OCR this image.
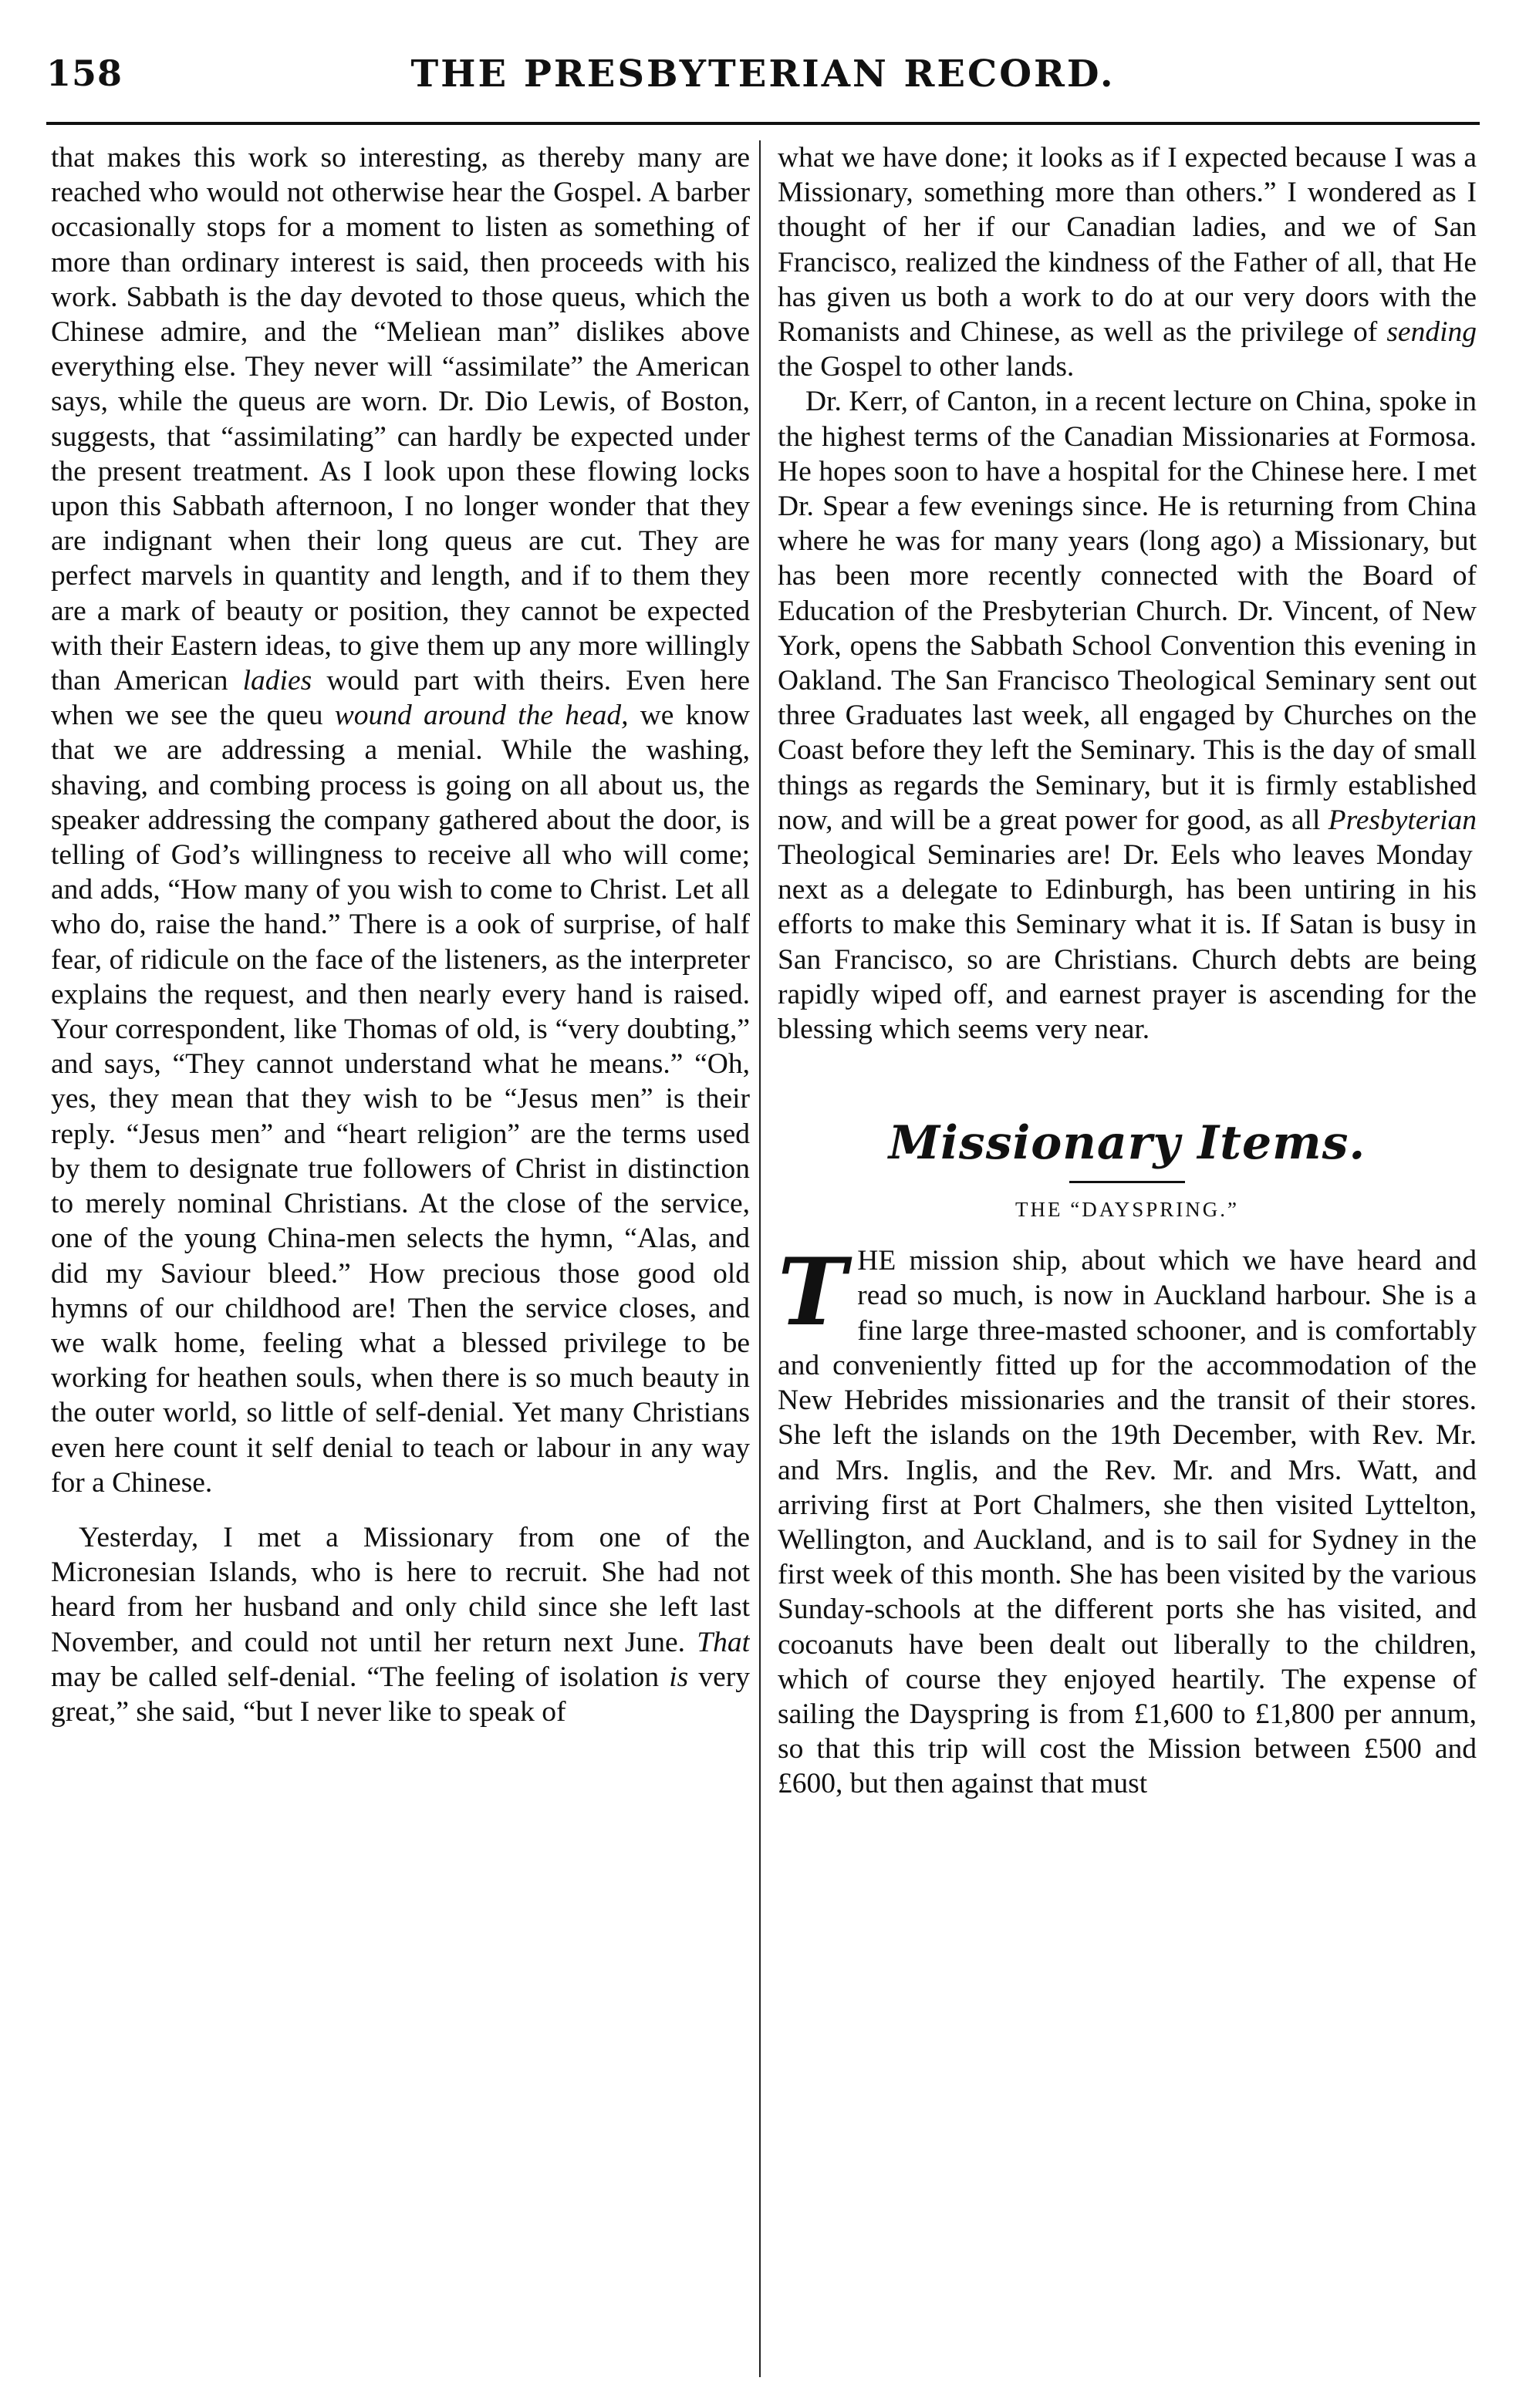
158	THE PRESBYTERIAN RECORD.

that makes this work so interesting, as thereby many are reached who would not otherwise hear the Gospel. A barber occasionally stops for a moment to listen as something of more than ordinary interest is said, then proceeds with his work. Sabbath is the day devoted to those queus, which the Chinese admire, and the “Meliean man” dislikes above everything else. They never will “assimilate” the American says, while the queus are worn. Dr. Dio Lewis, of Boston, suggests, that “assimilating” can hardly be expected under the present treatment. As I look upon these flowing locks upon this Sabbath afternoon, I no longer wonder that they are indignant when their long queus are cut. They are perfect marvels in quantity and length, and if to them they are a mark of beauty or position, they cannot be expected with their Eastern ideas, to give them up any more willingly than American ladies would part with theirs. Even here when we see the queu wound around the head, we know that we are addressing a menial. While the washing, shaving, and combing process is going on all about us, the speaker addressing the company gathered about the door, is telling of God’s willingness to receive all who will come; and adds, “How many of you wish to come to Christ. Let all who do, raise the hand.” There is a ook of surprise, of half fear, of ridicule on the face of the listeners, as the interpreter explains the request, and then nearly every hand is raised. Your correspondent, like Thomas of old, is “very doubting,” and says, “They cannot understand what he means.” “Oh, yes, they mean that they wish to be “Jesus men” is their reply. “Jesus men” and “heart religion” are the terms used by them to designate true followers of Christ in distinction to merely nominal Christians. At the close of the service, one of the young China-men selects the hymn, “Alas, and did my Saviour bleed.” How precious those good old hymns of our childhood are! Then the service closes, and we walk home, feeling what a blessed privilege to be working for heathen souls, when there is so much beauty in the outer world, so little of self-denial. Yet many Christians even here count it self denial to teach or labour in any way for a Chinese.

Yesterday, I met a Missionary from one of the Micronesian Islands, who is here to recruit. She had not heard from her husband and only child since she left last November, and could not until her return next June. That may be called self-denial. “The feeling of isolation is very great,” she said, “but I never like to speak of

what we have done; it looks as if I expected because I was a Missionary, something more than others.” I wondered as I thought of her if our Canadian ladies, and we of San Francisco, realized the kindness of the Father of all, that He has given us both a work to do at our very doors with the Romanists and Chinese, as well as the privilege of sending the Gospel to other lands.

Dr. Kerr, of Canton, in a recent lecture on China, spoke in the highest terms of the Canadian Missionaries at Formosa. He hopes soon to have a hospital for the Chinese here. I met Dr. Spear a few evenings since. He is returning from China where he was for many years (long ago) a Missionary, but has been more recently connected with the Board of Education of the Presbyterian Church. Dr. Vincent, of New York, opens the Sabbath School Convention this evening in Oakland. The San Francisco Theological Seminary sent out three Graduates last week, all engaged by Churches on the Coast before they left the Seminary. This is the day of small things as regards the Seminary, but it is firmly established now, and will be a great power for good, as all Presbyterian Theological Seminaries are! Dr. Eels who leaves Monday next as a delegate to Edinburgh, has been untiring in his efforts to make this Seminary what it is. If Satan is busy in San Francisco, so are Christians. Church debts are being rapidly wiped off, and earnest prayer is ascending for the blessing which seems very near.

Missionary Items.
THE “DAYSPRING.”

THE mission ship, about which we have heard and read so much, is now in Auckland harbour. She is a fine large three-masted schooner, and is comfortably and conveniently fitted up for the accommodation of the New Hebrides missionaries and the transit of their stores. She left the islands on the 19th December, with Rev. Mr. and Mrs. Inglis, and the Rev. Mr. and Mrs. Watt, and arriving first at Port Chalmers, she then visited Lyttelton, Wellington, and Auckland, and is to sail for Sydney in the first week of this month. She has been visited by the various Sunday-schools at the different ports she has visited, and cocoanuts have been dealt out liberally to the children, which of course they enjoyed heartily. The expense of sailing the Dayspring is from £1,600 to £1,800 per annum, so that this trip will cost the Mission between £500 and £600, but then against that must
